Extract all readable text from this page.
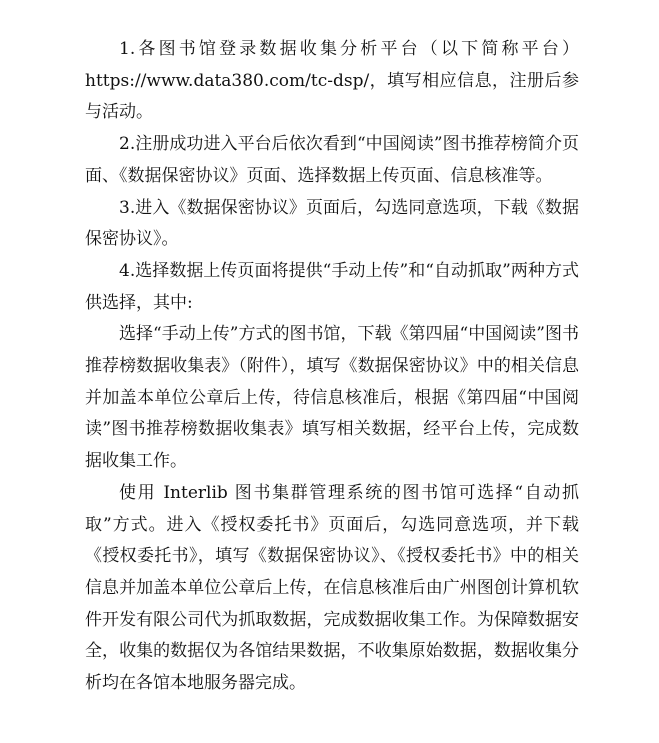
1.各图书馆登录数据收集分析平台（以下简称平台）https://www.data380.com/tc-dsp/，填写相应信息，注册后参与活动。

2.注册成功进入平台后依次看到“中国阅读”图书推荐榜简介页面、《数据保密协议》页面、选择数据上传页面、信息核准等。

3.进入《数据保密协议》页面后，勾选同意选项，下载《数据保密协议》。

4.选择数据上传页面将提供“手动上传”和“自动抓取”两种方式供选择，其中:

选择“手动上传”方式的图书馆，下载《第四届“中国阅读”图书推荐榜数据收集表》（附件），填写《数据保密协议》中的相关信息并加盖本单位公章后上传，待信息核准后，根据《第四届“中国阅读”图书推荐榜数据收集表》填写相关数据，经平台上传，完成数据收集工作。

使用 Interlib 图书集群管理系统的图书馆可选择“自动抓取”方式。进入《授权委托书》页面后，勾选同意选项，并下载《授权委托书》，填写《数据保密协议》、《授权委托书》中的相关信息并加盖本单位公章后上传，在信息核准后由广州图创计算机软件开发有限公司代为抓取数据，完成数据收集工作。为保障数据安全，收集的数据仅为各馆结果数据，不收集原始数据，数据收集分析均在各馆本地服务器完成。
